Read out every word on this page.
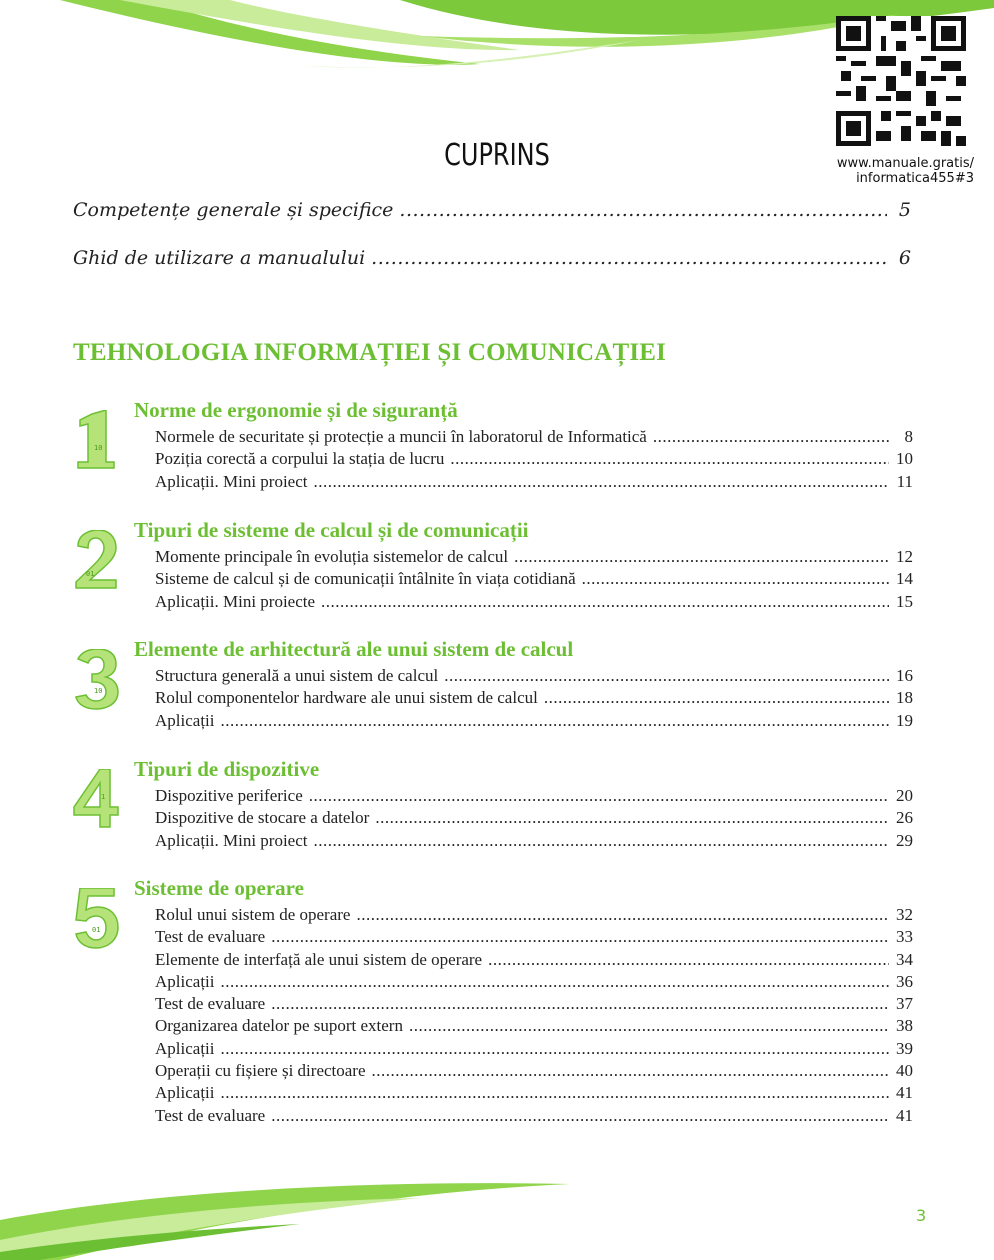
www.manuale.gratis/
informatica455#3
CUPRINS
Competențe generale și specifice .....	5
Ghid de utilizare a manualului .....	6
TEHNOLOGIA INFORMAȚIEI ȘI COMUNICAȚIEI
10
Norme de ergonomie și de siguranță
Normele de securitate și protecție a muncii în laboratorul de Informatică .....	8
Poziția corectă a corpului la stația de lucru .....	10
Aplicații. Mini proiect .....	11
01
Tipuri de sisteme de calcul și de comunicații
Momente principale în evoluția sistemelor de calcul .....	12
Sisteme de calcul și de comunicații întâlnite în viața cotidiană .....	14
Aplicații. Mini proiecte .....	15
10
Elemente de arhitectură ale unui sistem de calcul
Structura generală a unui sistem de calcul .....	16
Rolul componentelor hardware ale unui sistem de calcul .....	18
Aplicații .....	19
1
Tipuri de dispozitive
Dispozitive periferice .....	20
Dispozitive de stocare a datelor .....	26
Aplicații. Mini proiect .....	29
01
Sisteme de operare
Rolul unui sistem de operare .....	32
Test de evaluare .....	33
Elemente de interfață ale unui sistem de operare .....	34
Aplicații .....	36
Test de evaluare .....	37
Organizarea datelor pe suport extern .....	38
Aplicații .....	39
Operații cu fișiere și directoare .....	40
Aplicații .....	41
Test de evaluare .....	41
3
